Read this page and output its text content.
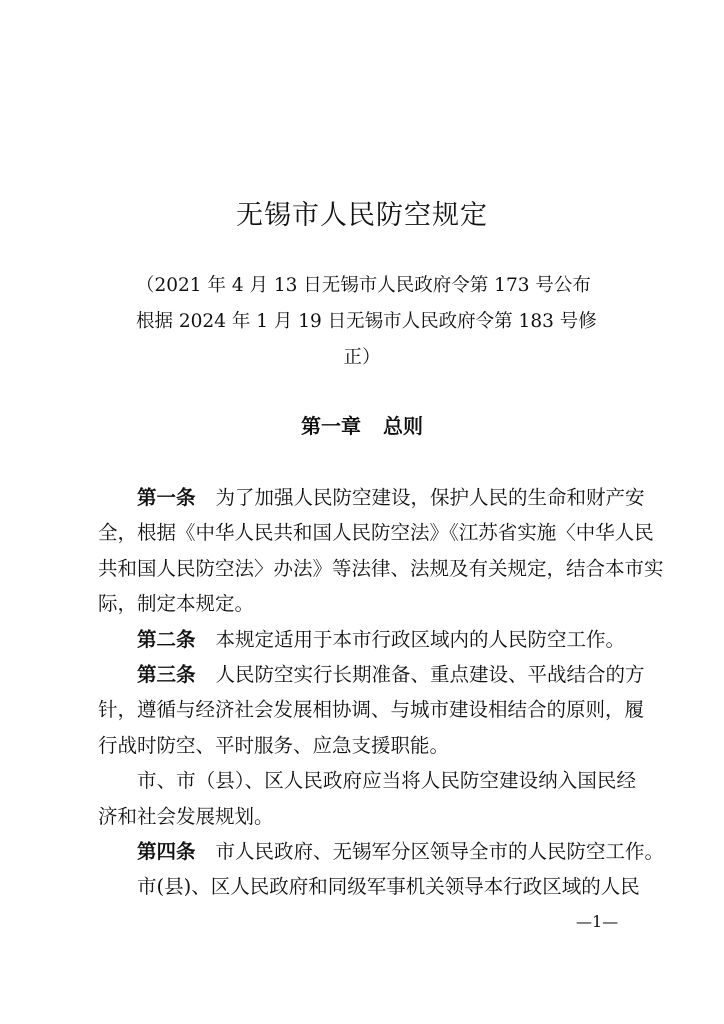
无锡市人民防空规定
（2021 年 4 月 13 日无锡市人民政府令第 173 号公布
根据 2024 年 1 月 19 日无锡市人民政府令第 183 号修
正）
第一章 总则
第一条 为了加强人民防空建设，保护人民的生命和财产安
全，根据《中华人民共和国人民防空法》《江苏省实施〈中华人民
共和国人民防空法〉办法》等法律、法规及有关规定，结合本市实
际，制定本规定。
第二条 本规定适用于本市行政区域内的人民防空工作。
第三条 人民防空实行长期准备、重点建设、平战结合的方
针，遵循与经济社会发展相协调、与城市建设相结合的原则，履
行战时防空、平时服务、应急支援职能。
市、市（县）、区人民政府应当将人民防空建设纳入国民经
济和社会发展规划。
第四条 市人民政府、无锡军分区领导全市的人民防空工作。
市(县)、区人民政府和同级军事机关领导本行政区域的人民
—1—
